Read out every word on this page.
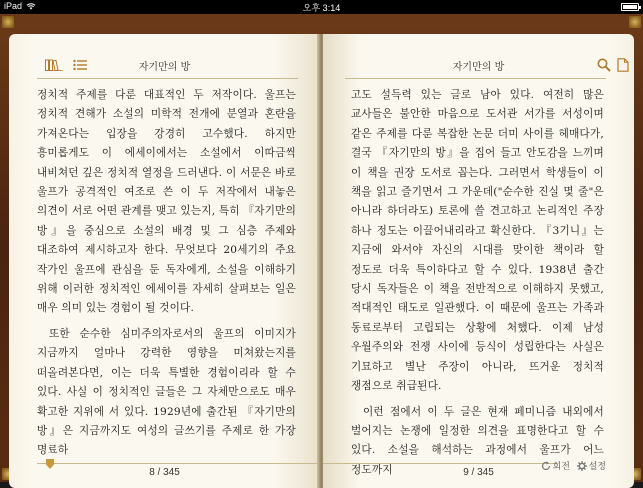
iPad	오후 3:14
자기만의 방

정치적 주제를 다룬 대표적인 두 저작이다. 울프는 정치적 견해가 소설의 미학적 전개에 분열과 혼란을 가져온다는 입장을 강경히 고수했다. 하지만 흥미롭게도 이 에세이에서는 소설에서 이따금씩 내비쳐던 깊은 정치적 열정을 드러낸다. 이 서문은 바로 울프가 공격적인 여조로 쓴 이 두 저작에서 내놓은 의견이 서로 어떤 관계를 맺고 있는지, 특히 『자기만의 방』을 중심으로 소설의 배경 및 그 심층 주제와 대조하여 제시하고자 한다. 무엇보다 20세기의 주요 작가인 울프에 관심을 둔 독자에게, 소설을 이해하기 위해 이러한 정치적인 에세이를 자세히 살펴보는 일은 매우 의미 있는 경험이 될 것이다.

또한 순수한 심미주의자로서의 울프의 이미지가 지금까지 얼마나 강력한 영향을 미쳐왔는지를 떠올려본다면, 이는 더욱 특별한 경험이리라 할 수 있다. 사실 이 정치적인 글들은 그 자체만으로도 매우 확고한 지위에 서 있다. 1929년에 출간된 『자기만의 방』은 지금까지도 여성의 글쓰기를 주제로 한 가장 명료하

8 / 345
자기만의 방

고도 설득력 있는 글로 남아 있다. 여전히 많은 교사들은 불안한 마음으로 도서관 서가를 서성이며 같은 주제를 다룬 복잡한 논문 더미 사이를 헤매다가, 결국 『자기만의 방』을 집어 들고 안도감을 느끼며 이 책을 권장 도서로 꼽는다. 그러면서 학생들이 이 책을 읽고 즐기면서 그 가운데("순수한 진실 몇 줄"은 아니라 하더라도) 토론에 쓸 견고하고 논리적인 주장 하나 정도는 이끌어내리라고 확신한다. 『3기니』는 지금에 와서야 자신의 시대를 맞이한 책이라 할 정도로 더욱 특이하다고 할 수 있다. 1938년 출간 당시 독자들은 이 책을 전반적으로 이해하지 못했고, 적대적인 태도로 일관했다. 이 때문에 울프는 가족과 동료로부터 고립되는 상황에 처했다. 이제 남성 우월주의와 전쟁 사이에 등식이 성립한다는 사실은 기묘하고 별난 주장이 아니라, 뜨거운 정치적 쟁점으로 취급된다.

이런 점에서 이 두 글은 현재 페미니즘 내외에서 벌어지는 논쟁에 일정한 의견을 표명한다고 할 수 있다. 소설을 해석하는 과정에서 울프가 어느 정도까지	회전 설정
9 / 345
